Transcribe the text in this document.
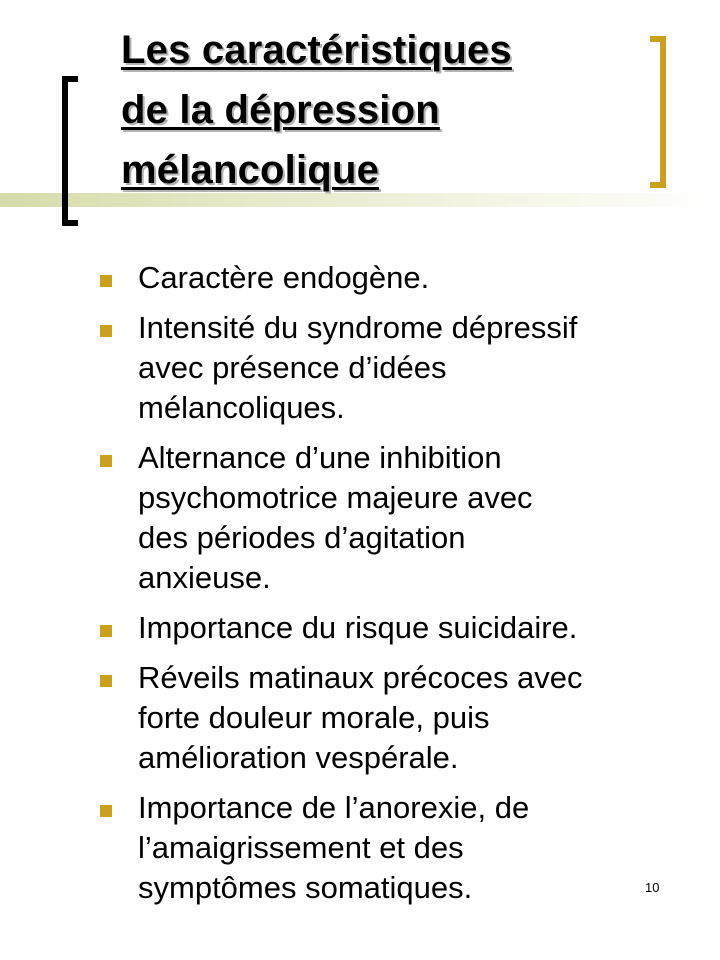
Les caractéristiques
de la dépression
mélancolique
Caractère endogène.
Intensité du syndrome dépressif
avec présence d’idées
mélancoliques.
Alternance d’une inhibition
psychomotrice majeure avec
des périodes d’agitation
anxieuse.
Importance du risque suicidaire.
Réveils matinaux précoces avec
forte douleur morale, puis
amélioration vespérale.
Importance de l’anorexie, de
l’amaigrissement et des
symptômes somatiques.	10
